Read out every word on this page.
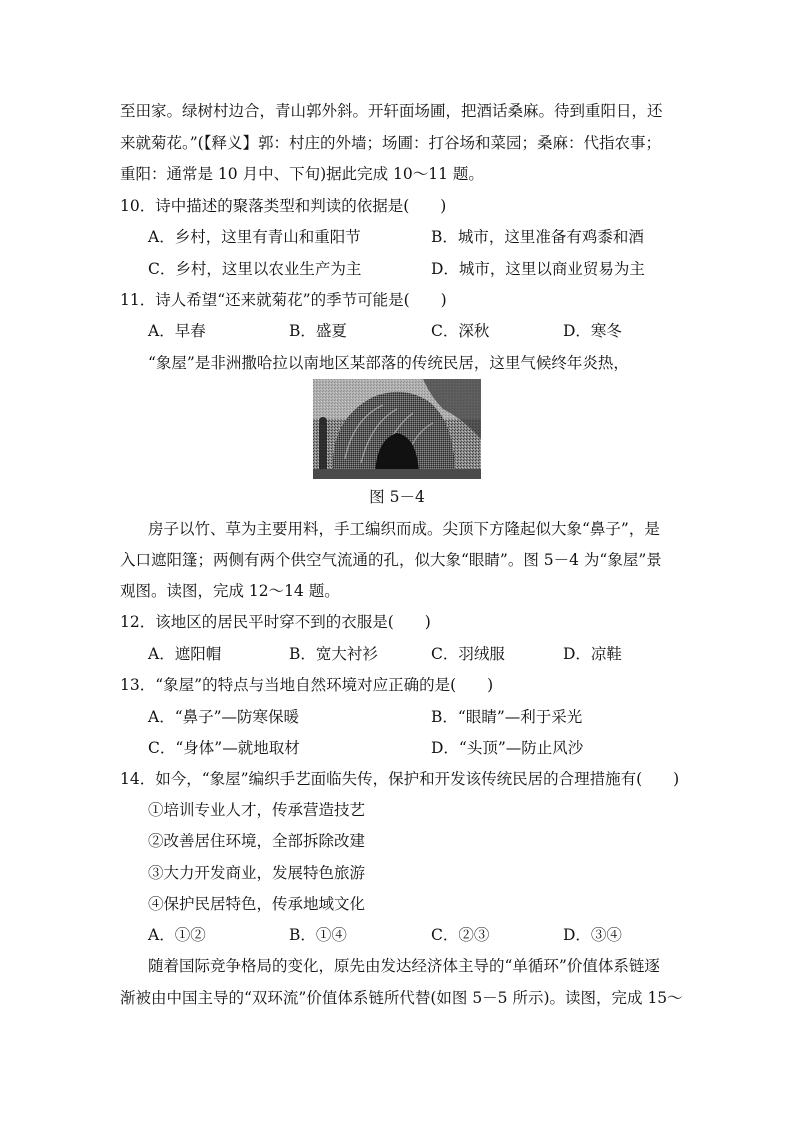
至田家。绿树村边合，青山郭外斜。开轩面场圃，把酒话桑麻。待到重阳日，还
来就菊花。”(【释义】郭：村庄的外墙；场圃：打谷场和菜园；桑麻：代指农事；
重阳：通常是 10 月中、下旬)据此完成 10～11 题。
10．诗中描述的聚落类型和判读的依据是(　　)
A．乡村，这里有青山和重阳节	B．城市，这里准备有鸡黍和酒
C．乡村，这里以农业生产为主	D．城市，这里以商业贸易为主
11．诗人希望“还来就菊花”的季节可能是(　　)
A．早春	B．盛夏	C．深秋	D．寒冬
“象屋”是非洲撒哈拉以南地区某部落的传统民居，这里气候终年炎热，
图 5－4
房子以竹、草为主要用料，手工编织而成。尖顶下方隆起似大象“鼻子”，是
入口遮阳篷；两侧有两个供空气流通的孔，似大象“眼睛”。图 5－4 为“象屋”景
观图。读图，完成 12～14 题。
12．该地区的居民平时穿不到的衣服是(　　)
A．遮阳帽	B．宽大衬衫	C．羽绒服	D．凉鞋
13．“象屋”的特点与当地自然环境对应正确的是(　　)
A．“鼻子”—防寒保暖	B．“眼睛”—利于采光
C．“身体”—就地取材	D．“头顶”—防止风沙
14．如今，“象屋”编织手艺面临失传，保护和开发该传统民居的合理措施有(　　)
①培训专业人才，传承营造技艺
②改善居住环境，全部拆除改建
③大力开发商业，发展特色旅游
④保护民居特色，传承地域文化
A．①②	B．①④	C．②③	D．③④
随着国际竞争格局的变化，原先由发达经济体主导的“单循环”价值体系链逐
渐被由中国主导的“双环流”价值体系链所代替(如图 5－5 所示)。读图，完成 15～
